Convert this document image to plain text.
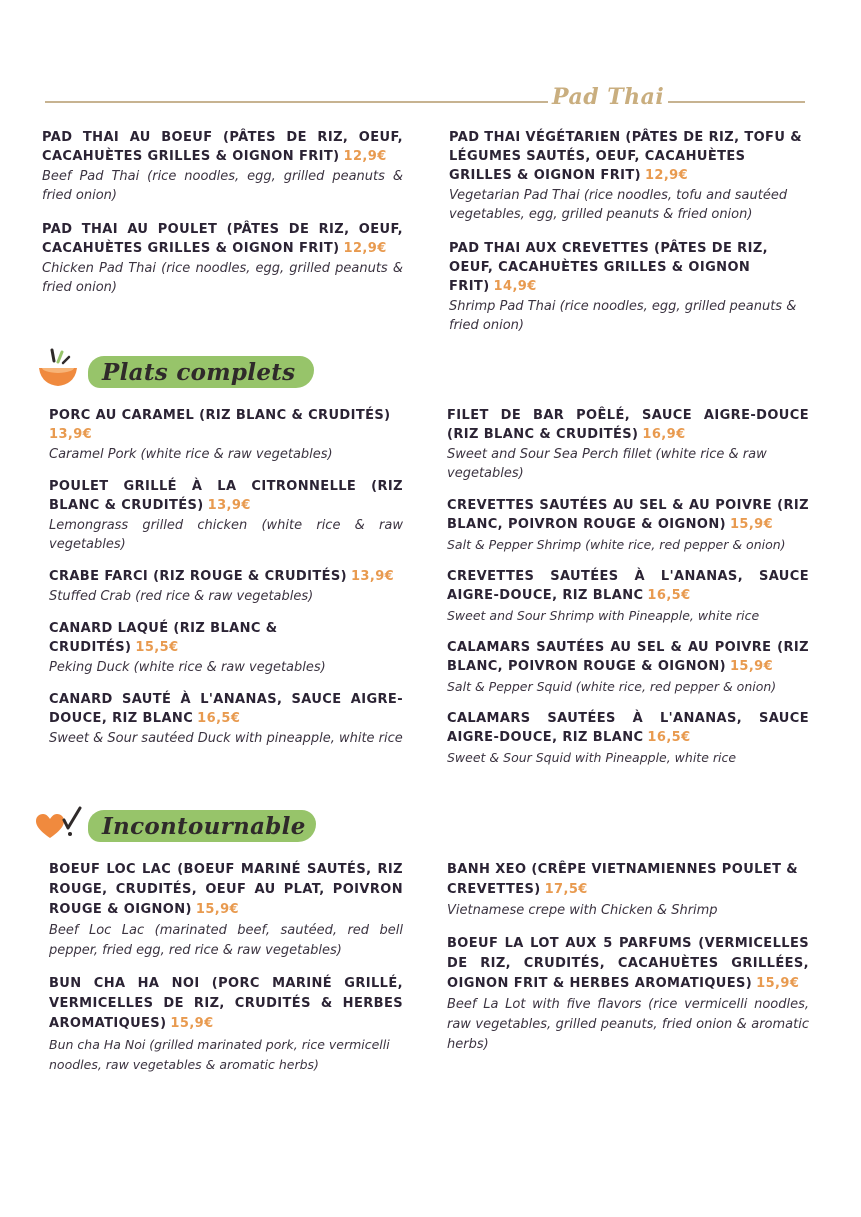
Pad Thai
PAD THAI AU BOEUF (PÂTES DE RIZ, OEUF, CACAHUÈTES GRILLES & OIGNON FRIT) 12,9€
Beef Pad Thai (rice noodles, egg, grilled peanuts & fried onion)
PAD THAI AU POULET (PÂTES DE RIZ, OEUF, CACAHUÈTES GRILLES & OIGNON FRIT) 12,9€
Chicken Pad Thai (rice noodles, egg, grilled peanuts & fried onion)
PAD THAI VÉGÉTARIEN (PÂTES DE RIZ, TOFU & LÉGUMES SAUTÉS, OEUF, CACAHUÈTES GRILLES & OIGNON FRIT) 12,9€
Vegetarian Pad Thai (rice noodles, tofu and sautéed vegetables, egg, grilled peanuts & fried onion)
PAD THAI AUX CREVETTES (PÂTES DE RIZ, OEUF, CACAHUÈTES GRILLES & OIGNON FRIT) 14,9€
Shrimp Pad Thai (rice noodles, egg, grilled peanuts & fried onion)
Plats complets
PORC AU CARAMEL (RIZ BLANC & CRUDITÉS)
13,9€
Caramel Pork (white rice & raw vegetables)
POULET GRILLÉ À LA CITRONNELLE (RIZ BLANC & CRUDITÉS) 13,9€
Lemongrass grilled chicken (white rice & raw vegetables)
CRABE FARCI (RIZ ROUGE & CRUDITÉS) 13,9€
Stuffed Crab (red rice & raw vegetables)
CANARD LAQUÉ (RIZ BLANC & CRUDITÉS) 15,5€
Peking Duck (white rice & raw vegetables)
CANARD SAUTÉ À L'ANANAS, SAUCE AIGRE-DOUCE, RIZ BLANC 16,5€
Sweet & Sour sautéed Duck with pineapple, white rice
FILET DE BAR POÊLÉ, SAUCE AIGRE-DOUCE (RIZ BLANC & CRUDITÉS) 16,9€
Sweet and Sour Sea Perch fillet (white rice & raw vegetables)
CREVETTES SAUTÉES AU SEL & AU POIVRE (RIZ BLANC, POIVRON ROUGE & OIGNON) 15,9€
Salt & Pepper Shrimp (white rice, red pepper & onion)
CREVETTES SAUTÉES À L'ANANAS, SAUCE AIGRE-DOUCE, RIZ BLANC 16,5€
Sweet and Sour Shrimp with Pineapple, white rice
CALAMARS SAUTÉES AU SEL & AU POIVRE (RIZ BLANC, POIVRON ROUGE & OIGNON) 15,9€
Salt & Pepper Squid (white rice, red pepper & onion)
CALAMARS SAUTÉES À L'ANANAS, SAUCE AIGRE-DOUCE, RIZ BLANC 16,5€
Sweet & Sour Squid with Pineapple, white rice
Incontournable
BOEUF LOC LAC (BOEUF MARINÉ SAUTÉS, RIZ ROUGE, CRUDITÉS, OEUF AU PLAT, POIVRON ROUGE & OIGNON) 15,9€
Beef Loc Lac (marinated beef, sautéed, red bell pepper, fried egg, red rice & raw vegetables)
BUN CHA HA NOI (PORC MARINÉ GRILLÉ, VERMICELLES DE RIZ, CRUDITÉS & HERBES AROMATIQUES) 15,9€
Bun cha Ha Noi (grilled marinated pork, rice vermicelli noodles, raw vegetables & aromatic herbs)
BANH XEO (CRÊPE VIETNAMIENNES POULET & CREVETTES) 17,5€
Vietnamese crepe with Chicken & Shrimp
BOEUF LA LOT AUX 5 PARFUMS (VERMICELLES DE RIZ, CRUDITÉS, CACAHUÈTES GRILLÉES, OIGNON FRIT & HERBES AROMATIQUES) 15,9€
Beef La Lot with five flavors (rice vermicelli noodles, raw vegetables, grilled peanuts, fried onion & aromatic herbs)
